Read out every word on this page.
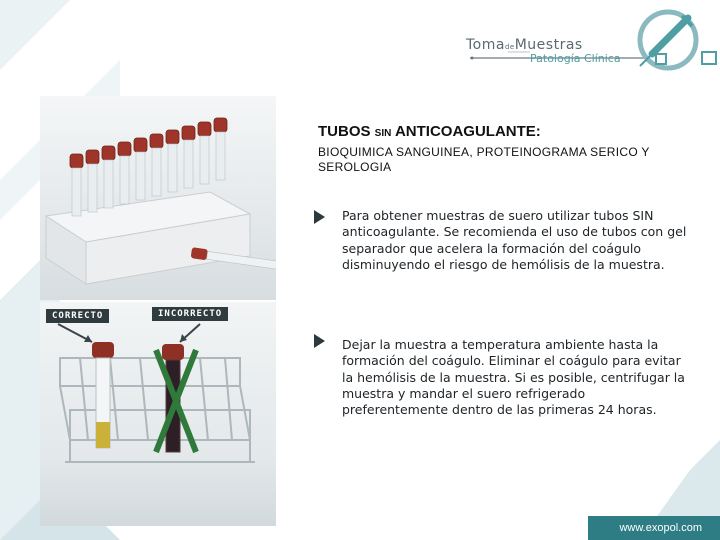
TomadeMuestras
Patología Clínica
CORRECTO	INCORRECTO
TUBOS SIN ANTICOAGULANTE:
BIOQUIMICA SANGUINEA, PROTEINOGRAMA SERICO Y SEROLOGIA
Para obtener muestras de suero utilizar tubos SIN anticoagulante. Se recomienda el uso de tubos con gel separador que acelera la formación del coágulo disminuyendo el riesgo de hemólisis de la muestra.
Dejar la muestra a temperatura ambiente hasta la formación del coágulo. Eliminar el coágulo para evitar la hemólisis de la muestra. Si es posible, centrifugar la muestra y mandar el suero refrigerado preferentemente dentro de las primeras 24 horas.
www.exopol.com
